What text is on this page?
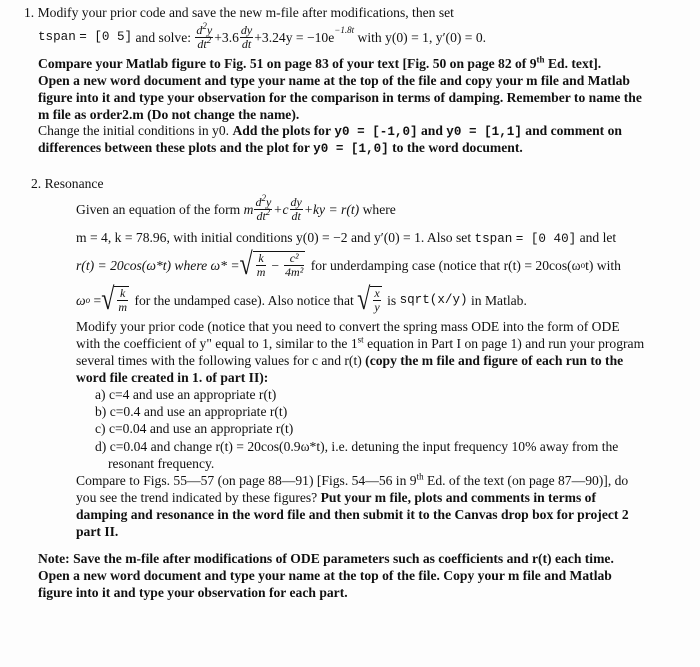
1. Modify your prior code and save the new m-file after modifications, then set
tspan
= [0 5]
and solve:
$\frac{d^2y}{dt^2} +3.6 \frac{dy}{dt} +3.24y = -10e^{-1.8t}$
with y(0) = 1, y′(0) = 0.
Compare your Matlab figure to Fig. 51 on page 83 of your text [Fig. 50 on page 82 of 9th Ed. text].
Open a new word document and type your name at the top of the file and copy your m file and Matlab
figure into it and type your observation for the comparison in terms of damping. Remember to name the
m file as order2.m (Do not change the name).
Change the initial conditions in y0. Add the plots for y0 = [-1,0] and y0 = [1,1] and comment on
differences between these plots and the plot for y0 = [1,0] to the word document.
2. Resonance
Given an equation of the form
m $\frac{d^2y}{dt^2} +c \frac{dy}{dt} +ky = r(t)$
where
m = 4, k = 78.96, with initial conditions y(0) = −2 and y′(0) = 1. Also set tspan = [0 40] and let
r(t) = 20cos(ω*t) where ω* = √ $\frac{k}{m} - \frac{\text{c²}}{\text{4m²}}$
for underdamping case (notice that r(t) = 20cos(ω o t) with
ω o
= √ $\frac{k}{m}$
for the undamped case). Also notice that
√ $\frac{x}{y}$
is
sqrt(x/y)
in Matlab.
Modify your prior code (notice that you need to convert the spring mass ODE into the form of ODE
with the coefficient of y" equal to 1, similar to the 1st equation in Part I on page 1) and run your program
several times with the following values for c and r(t) (copy the m file and figure of each run to the
word file created in 1. of part II):
a) c=4 and use an appropriate r(t)
b) c=0.4 and use an appropriate r(t)
c) c=0.04 and use an appropriate r(t)
d) c=0.04 and change r(t) = 20cos(0.9ω*t), i.e. detuning the input frequency 10% away from the
resonant frequency.
Compare to Figs. 55—57 (on page 88—91) [Figs. 54—56 in 9th Ed. of the text (on page 87—90)], do
you see the trend indicated by these figures? Put your m file, plots and comments in terms of
damping and resonance in the word file and then submit it to the Canvas drop box for project 2
part II.
Note: Save the m-file after modifications of ODE parameters such as coefficients and r(t) each time.
Open a new word document and type your name at the top of the file. Copy your m file and Matlab
figure into it and type your observation for each part.
